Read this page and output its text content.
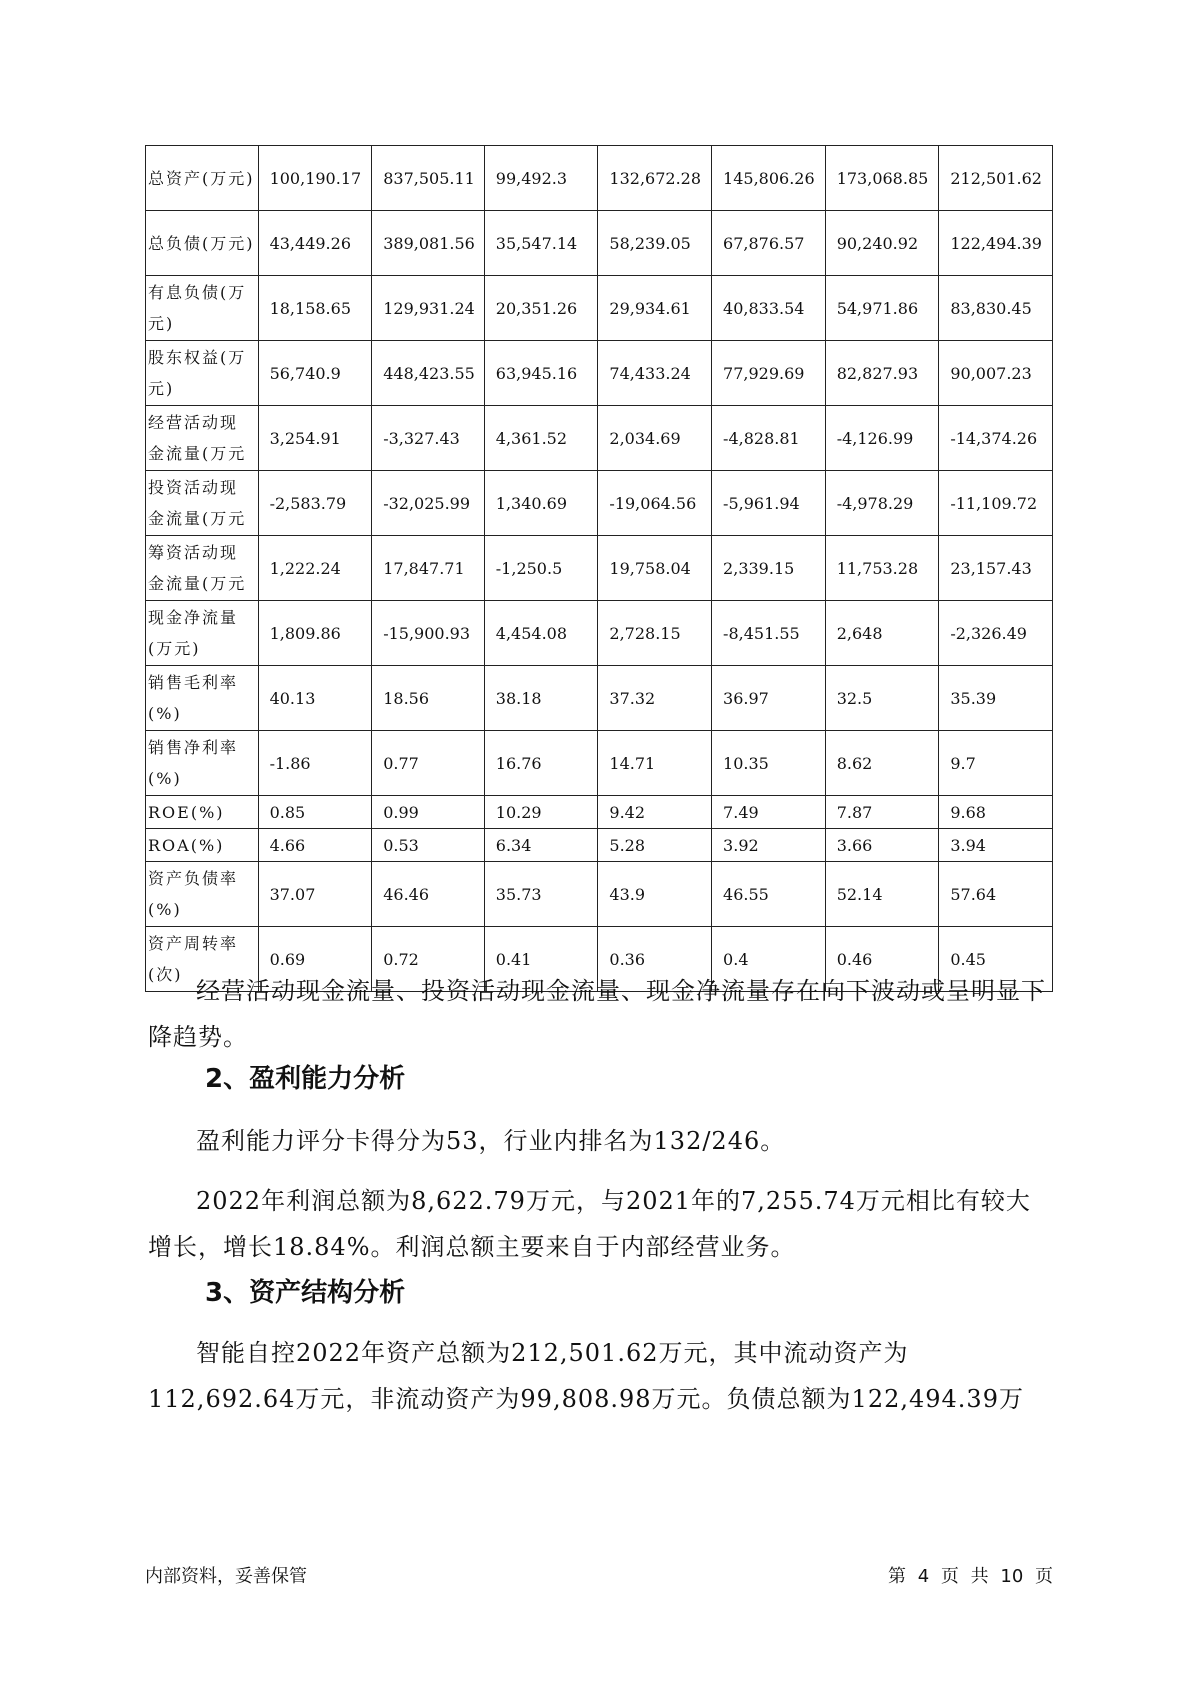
总资产(万元)	100,190.17	837,505.11	99,492.3	132,672.28	145,806.26	173,068.85	212,501.62
总负债(万元)	43,449.26	389,081.56	35,547.14	58,239.05	67,876.57	90,240.92	122,494.39
有息负债(万元)	18,158.65	129,931.24	20,351.26	29,934.61	40,833.54	54,971.86	83,830.45
股东权益(万元)	56,740.9	448,423.55	63,945.16	74,433.24	77,929.69	82,827.93	90,007.23
经营活动现金流量(万元	3,254.91	-3,327.43	4,361.52	2,034.69	-4,828.81	-4,126.99	-14,374.26
投资活动现金流量(万元	-2,583.79	-32,025.99	1,340.69	-19,064.56	-5,961.94	-4,978.29	-11,109.72
筹资活动现金流量(万元	1,222.24	17,847.71	-1,250.5	19,758.04	2,339.15	11,753.28	23,157.43
现金净流量(万元)	1,809.86	-15,900.93	4,454.08	2,728.15	-8,451.55	2,648	-2,326.49
销售毛利率(%)	40.13	18.56	38.18	37.32	36.97	32.5	35.39
销售净利率(%)	-1.86	0.77	16.76	14.71	10.35	8.62	9.7
ROE(%)	0.85	0.99	10.29	9.42	7.49	7.87	9.68
ROA(%)	4.66	0.53	6.34	5.28	3.92	3.66	3.94
资产负债率(%)	37.07	46.46	35.73	43.9	46.55	52.14	57.64
资产周转率(次)	0.69	0.72	0.41	0.36	0.4	0.46	0.45

经营活动现金流量、投资活动现金流量、现金净流量存在向下波动或呈明显下降趋势。

2、盈利能力分析

盈利能力评分卡得分为53，行业内排名为132/246。

2022年利润总额为8,622.79万元，与2021年的7,255.74万元相比有较大增长，增长18.84%。利润总额主要来自于内部经营业务。

3、资产结构分析

智能自控2022年资产总额为212,501.62万元，其中流动资产为112,692.64万元，非流动资产为99,808.98万元。负债总额为122,494.39万

内部资料，妥善保管	第 4 页 共 10 页
